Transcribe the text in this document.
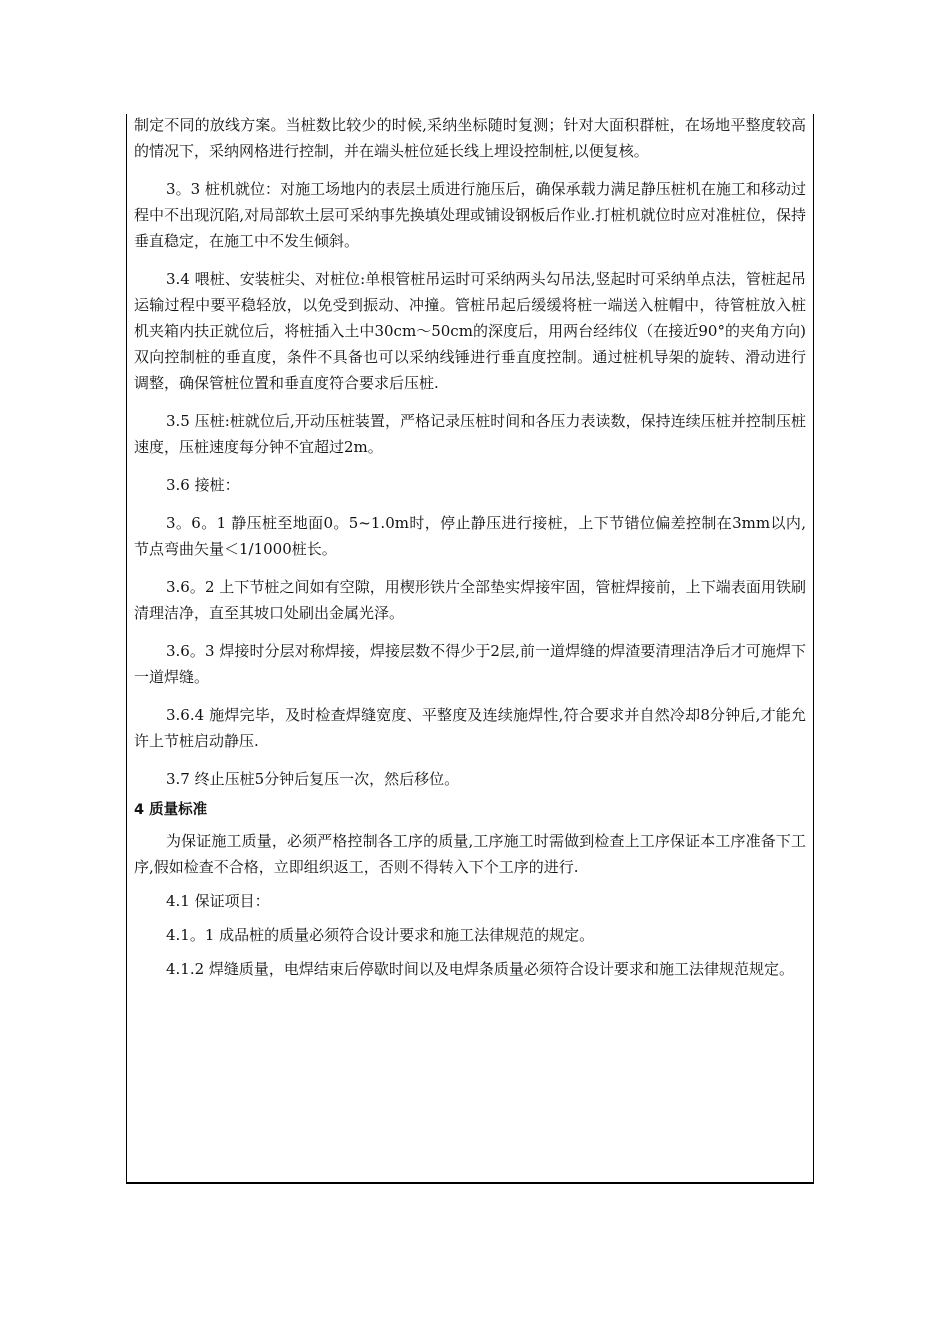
制定不同的放线方案。当桩数比较少的时候,采纳坐标随时复测；针对大面积群桩，在场地平整度较高的情况下，采纳网格进行控制，并在端头桩位延长线上埋设控制桩,以便复核。

3。3 桩机就位：对施工场地内的表层土质进行施压后，确保承载力满足静压桩机在施工和移动过程中不出现沉陷,对局部软土层可采纳事先换填处理或铺设钢板后作业.打桩机就位时应对准桩位，保持垂直稳定，在施工中不发生倾斜。

3.4 喂桩、安装桩尖、对桩位:单根管桩吊运时可采纳两头勾吊法,竖起时可采纳单点法，管桩起吊运输过程中要平稳轻放，以免受到振动、冲撞。管桩吊起后缓缓将桩一端送入桩帽中，待管桩放入桩机夹箱内扶正就位后，将桩插入土中30cm～50cm的深度后，用两台经纬仪（在接近90°的夹角方向)双向控制桩的垂直度，条件不具备也可以采纳线锤进行垂直度控制。通过桩机导架的旋转、滑动进行调整，确保管桩位置和垂直度符合要求后压桩.

3.5 压桩:桩就位后,开动压桩装置，严格记录压桩时间和各压力表读数，保持连续压桩并控制压桩速度，压桩速度每分钟不宜超过2m。

3.6 接桩：

3。6。1 静压桩至地面0。5~1.0m时，停止静压进行接桩，上下节错位偏差控制在3mm以内,节点弯曲矢量＜1/1000桩长。

3.6。2 上下节桩之间如有空隙，用楔形铁片全部垫实焊接牢固，管桩焊接前，上下端表面用铁刷清理洁净，直至其坡口处刷出金属光泽。

3.6。3 焊接时分层对称焊接，焊接层数不得少于2层,前一道焊缝的焊渣要清理洁净后才可施焊下一道焊缝。

3.6.4 施焊完毕，及时检查焊缝宽度、平整度及连续施焊性,符合要求并自然冷却8分钟后,才能允许上节桩启动静压.

3.7 终止压桩5分钟后复压一次，然后移位。

4 质量标准

为保证施工质量，必须严格控制各工序的质量,工序施工时需做到检查上工序保证本工序准备下工序,假如检查不合格，立即组织返工，否则不得转入下个工序的进行.

4.1 保证项目：

4.1。1 成品桩的质量必须符合设计要求和施工法律规范的规定。

4.1.2 焊缝质量，电焊结束后停歇时间以及电焊条质量必须符合设计要求和施工法律规范规定。
